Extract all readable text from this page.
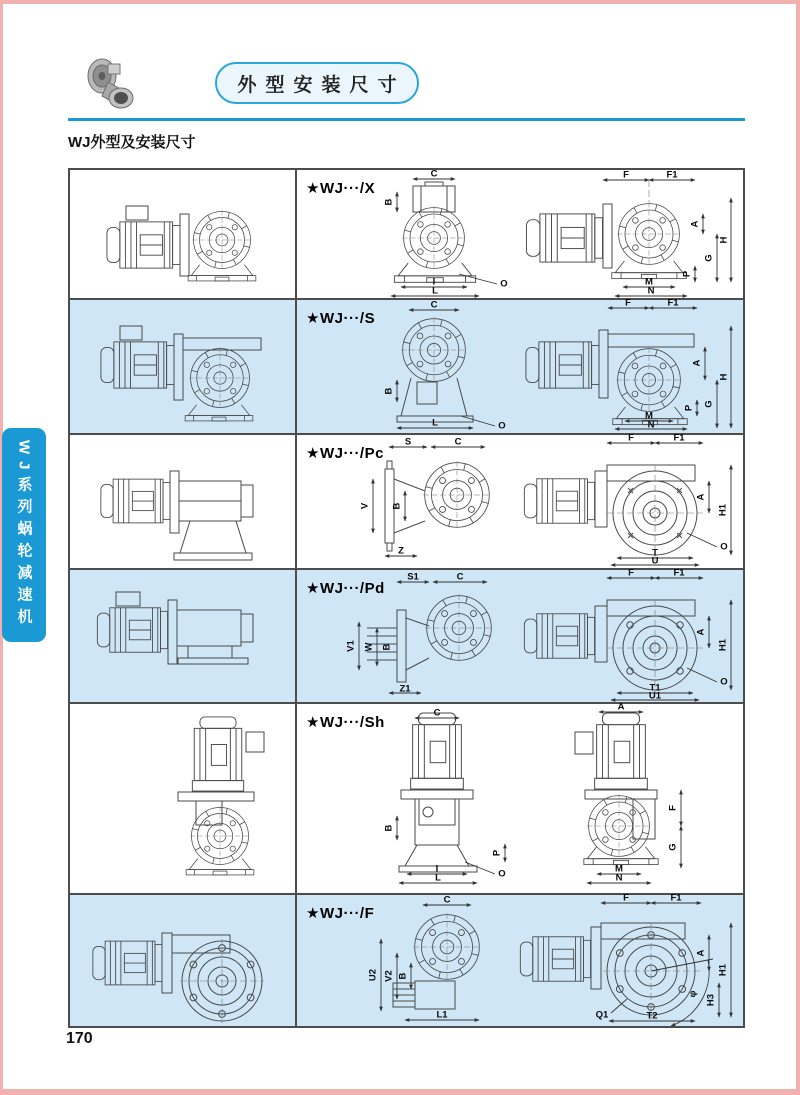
外型安装尺寸
WJ外型及安装尺寸
WJ系列蜗轮减速机
★WJ···/X
C
B
I
L
O
F	F1
A
G
H
M
N
P
★WJ···/S
C
B
L	O
F	F1
A
H
G
P
M
N
★WJ···/Pc
S	C
V B
Z
F	F1
A
H1
O
T
U
★WJ···/Pd
S1	C
V1 W B
Z1
F	F1
A
H1
O
T1
U1
★WJ···/Sh
C
B
P
I
L	O
A
F
G
M
N
★WJ···/F
C
U2 V2 B
L1
F	F1
A
H1
H3
Q1	T2
φ
170
